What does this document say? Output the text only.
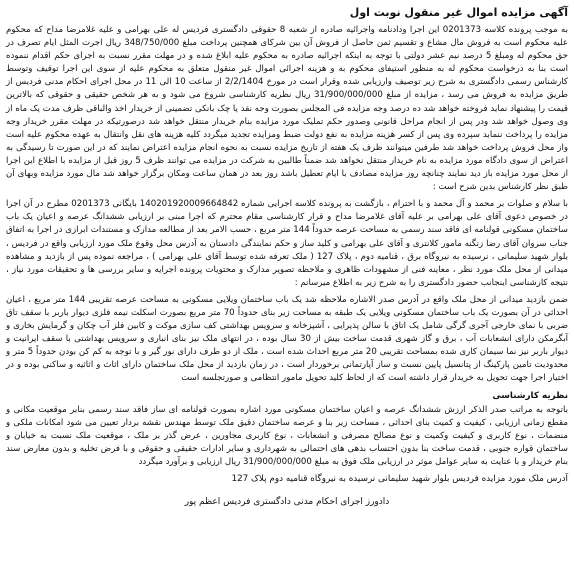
آگهی مزایده اموال غیر منقول نوبت اول

به موجب پرونده کلاسه 0201373 این اجرا ودادنامه واجرائیه صادره از شعبه 8 حقوقی دادگستری فردیس له علی بهرامی و علیه غلامرضا مداح که محکوم علیه محکوم است به فروش مال مشاع و تقسیم ثمن حاصل از فروش آن بین شرکای همچنین پرداخت مبلغ 348/750/000 ریال اجرت المثل ایام تصرف در حق محکوم له ومبلغ 5 درصد نیم عشر دولتی با توجه به اینکه اجرائیه صادره به محکوم علیه ابلاغ شده و در مهلت مقرر نسبت به اجرای حکم اقدام ننموده است بنا به درخواست محکوم له به منظور استیفای محکوم به و هزینه اجرائی اموال غیر منقول متعلق به محکوم علیه از سوی این اجرا توقیف وتوسط کارشناس رسمی دادگستری به شرح زیر توصیف وارزیابی شده وقرار است در مورخ 2/2/1404 از ساعت 10 الی 11 در محل اجرای احکام مدنی فردیس از طریق مزایده به فروش می رسد ، مزایده از مبلغ 31/900/000/000 ریال نظریه کارشناسی شروع می شود و به هر شخص حقیقی و حقوقی که بالاترین قیمت را پیشنهاد نماید فروخته خواهد شد ده درصد وجه مزایده فی المجلس بصورت وجه نقد یا چک بانکی تضمینی از خریدار اخذ والباقی ظرف مدت یک ماه از وی وصول خواهد شد ودر پس از انجام مراحل قانونی وصدور حکم تملیک مورد مزایده بنام خریدار منتقل خواهد شد درصورتیکه در مهلت مقرر خریدار وجه مزایده را پرداخت ننماید سپرده وی پس از کسر هزینه مزایده به نفع دولت ضبط ومزایده تجدید میگردد کلیه هزینه های نقل وانتقال به عهده محکوم علیه است واز محل فروش پرداخت خواهد شد طرفین میتوانند ظرف یک هفته از تاریخ مزایده نسبت به نحوه انجام مزایده اعتراض نمایند که در این صورت تا رسیدگی به اعتراض از سوی دادگاه مورد مزایده به نام خریدار منتقل نخواهد شد ضمناً طالبین به شرکت در مزایده می توانند ظرف 5 روز قبل از مزایده با اطلاع این اجرا از محل مورد مزایده باز دید نمایند چنانچه روز مزایده مصادف با ایام تعطیل باشد روز بعد در همان ساعت ومکان برگزار خواهد شد مال مورد مزایده وبهای آن طبق نظر کارشناس بدین شرح است :

با سلام و صلوات بر محمد و آل محمد و با احترام ، بازگشت به پرونده کلاسه اجرایی شماره 140201920009664842 بایگانی 0201373 مطرح در آن اجرا در خصوص دعوی آقای علی بهرامی بر علیه آقای غلامرضا مداح و قرار کارشناسی مقام محترم که اجرا مبنی بر ارزیابی ششدانگ عرصه و اعیان یک باب ساختمان مسکونی قولنامه ای فاقد سند رسمی به مساحت عرصه حدوداً 144 متر مربع ، حسب الامر بعد از مطالعه مدارک و مستندات ابرازی در اجرا به اتفاق جناب سروان آقای رضا زنگنه مامور کلانتری و آقای علی بهرامی و کلید ساز و حکم نمایندگی دادستان به آدرس محل وقوع ملک مورد ارزیابی واقع در فردیس ، بلوار شهید سلیمانی ، نرسیده به نیروگاه برق ، قنامیه دوم ، پلاک 127 ( ملک تعرفه شده توسط آقای علی بهرامی ) ، مراجعه نموده پس از بازدید و مشاهده میدانی از محل ملک مورد نظر ، معاینه فنی از مشهودات ظاهری و ملاحظه تصویر مدارک و محتویات پرونده اجرایه و سایر بررسی ها و تحقیقات مورد نیاز ، نتیجه کارشناسی اینجانب حضور دادگستری را به شرح زیر به اطلاع میرسانم :

ضمن بازدید میدانی از محل ملک واقع در آدرس صدر الاشاره ملاحظه شد یک باب ساختمان ویلایی مسکونی به مساحت عرصه تقریبی 144 متر مربع ، اعیان احداثی در آن بصورت یک باب ساختمان مسکونی ویلایی یک طبقه به مساحت زیر بنای حدوداً 70 متر مربع بصورت اسکلت نیمه فلزی دیوار باربر با سقف تاق ضربی با نمای خارجی آجری گرگی شامل یک اتاق با سالن پذیرایی ، آشپزخانه و سرویس بهداشتی کف سازی موکت و کابین فلز آب چکان و گرمایش بخاری و آبگرمکن دارای انشعابات آب ، برق و گاز شهری قدمت ساخت بیش از 30 سال بوده ، در انتهای ملک نیز بنای انباری و سرویس بهداشتی با سقف ایرانیت و دیوار باربر نیز نما سیمان کاری شده بمساحت تقریبی 20 متر مربع احداث شده است ، ملک از دو طرف دارای نور گیر و با توجه به کم کن بودن حدوداً 5 متر و محدودیت تامین پارکینگ از پتانسیل پایین نسبت و ساز آپارتمانی برخوردار است ، در زمان بازدید از محل ملک ساختمان دارای اثاث و اثاثیه و ساکنی بوده و در اختیار اجرا جهت تحویل به خریدار قرار داشته است که از لحاظ کلید تحویل مامور انتظامی و صورتجلسه است

نظریه کارشناسی

باتوجه به مراتب صدر الذکر ارزش ششدانگ عرصه و اعیان ساختمان مسکونی مورد اشاره بصورت قولنامه ای ساز فاقد سند رسمی بنابر موقعیت مکانی و مقطع زمانی ارزیابی ، کیفیت و کمیت بنای احداثی ، مساحت زیر بنا و عرصه ساختمان دقیق ملک توسط مهندس نقشه بردار تعیین می شود امکانات ملکی و منضمات ، نوع کاربری و کیفیت وکمیت و نوع مصالح مصرفی و انشعابات ، نوع کاربری مجاورین ، عرض گذر بر ملک ، موقعیت ملک نسبت به خیابان و ساختمان قواره جنوبی ، قدمت ساخت بنا بدون احتساب بدهی های احتمالی به شهرداری و سایر ادارات حقیقی و حقوقی و با فرض تخلیه و بدون معارض سند بنام خریدار و با عنایت به سایر عوامل موثر در ارزیابی ملک فوق به مبلغ 31/900/000/000 ریال ارزیابی و برآورد میگردد

آدرس ملک مورد مزایده فردیس بلوار شهید سلیمانی نرسیده به نیروگاه قنامیه دوم پلاک 127
دادورز اجرای احکام مدنی دادگستری فردیس اعظم پور
